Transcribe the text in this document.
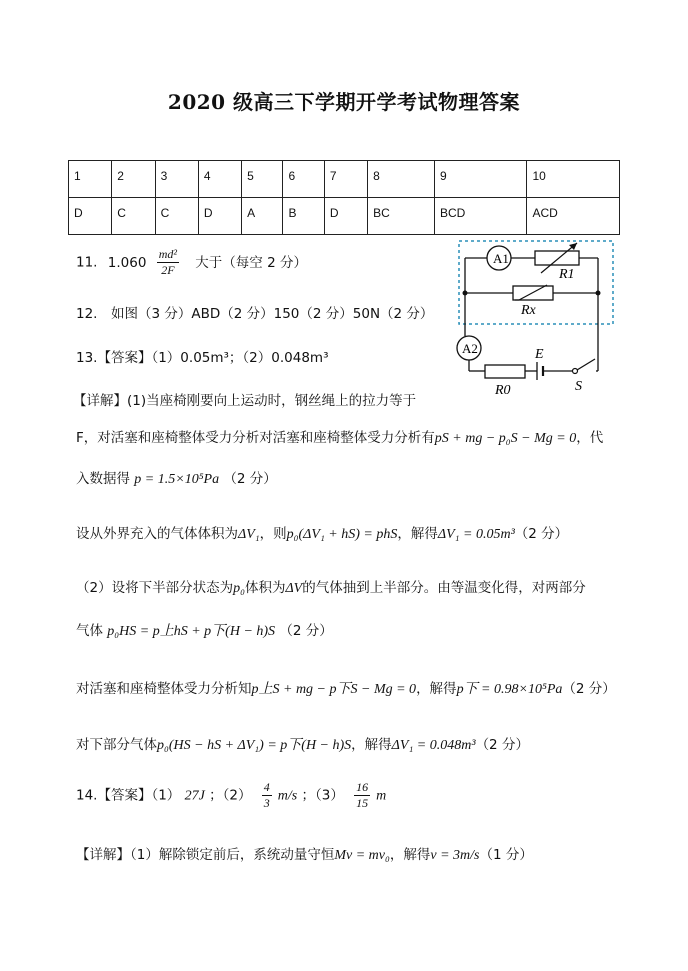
2020 级高三下学期开学考试物理答案
1	2	3	4	5	6	7	8	9	10
D	C	C	D	A	B	D	BC	BCD	ACD
11. $1.060 \frac{\text{md²}}{2F}$ 大于（每空 2 分）
12.　如图（3 分）ABD（2 分）150（2 分）50N（2 分）
13.【答案】（1）0.05m³；（2）0.048m³
【详解】(1)当座椅刚要向上运动时，钢丝绳上的拉力等于
F，对活塞和座椅整体受力分析对活塞和座椅整体受力分析有pS + mg − p₀S − Mg = 0，代
入数据得 p = 1.5×10⁵Pa （2 分）
设从外界充入的气体体积为ΔV₁，则p₀(ΔV₁ + hS) = phS，解得ΔV₁ = 0.05m³（2 分）
（2）设将下半部分状态为p₀体积为ΔV的气体抽到上半部分。由等温变化得，对两部分
气体 p₀HS = p上hS + p下(H − h)S （2 分）
对活塞和座椅整体受力分析知p上S + mg − p下S − Mg = 0，解得p下 = 0.98×10⁵Pa（2 分）
对下部分气体p₀(HS − hS + ΔV₁) = p下(H − h)S，解得ΔV₁ = 0.048m³（2 分）
14.【答案】（1） 27J ；$(2) \frac{4}{3} m/s$ ；$(3) \frac{16}{15}$ m
【详解】（1）解除锁定前后，系统动量守恒Mv = mv₀，解得v = 3m/s（1 分）
A1
R1
Rx
A2
R0
E
S
